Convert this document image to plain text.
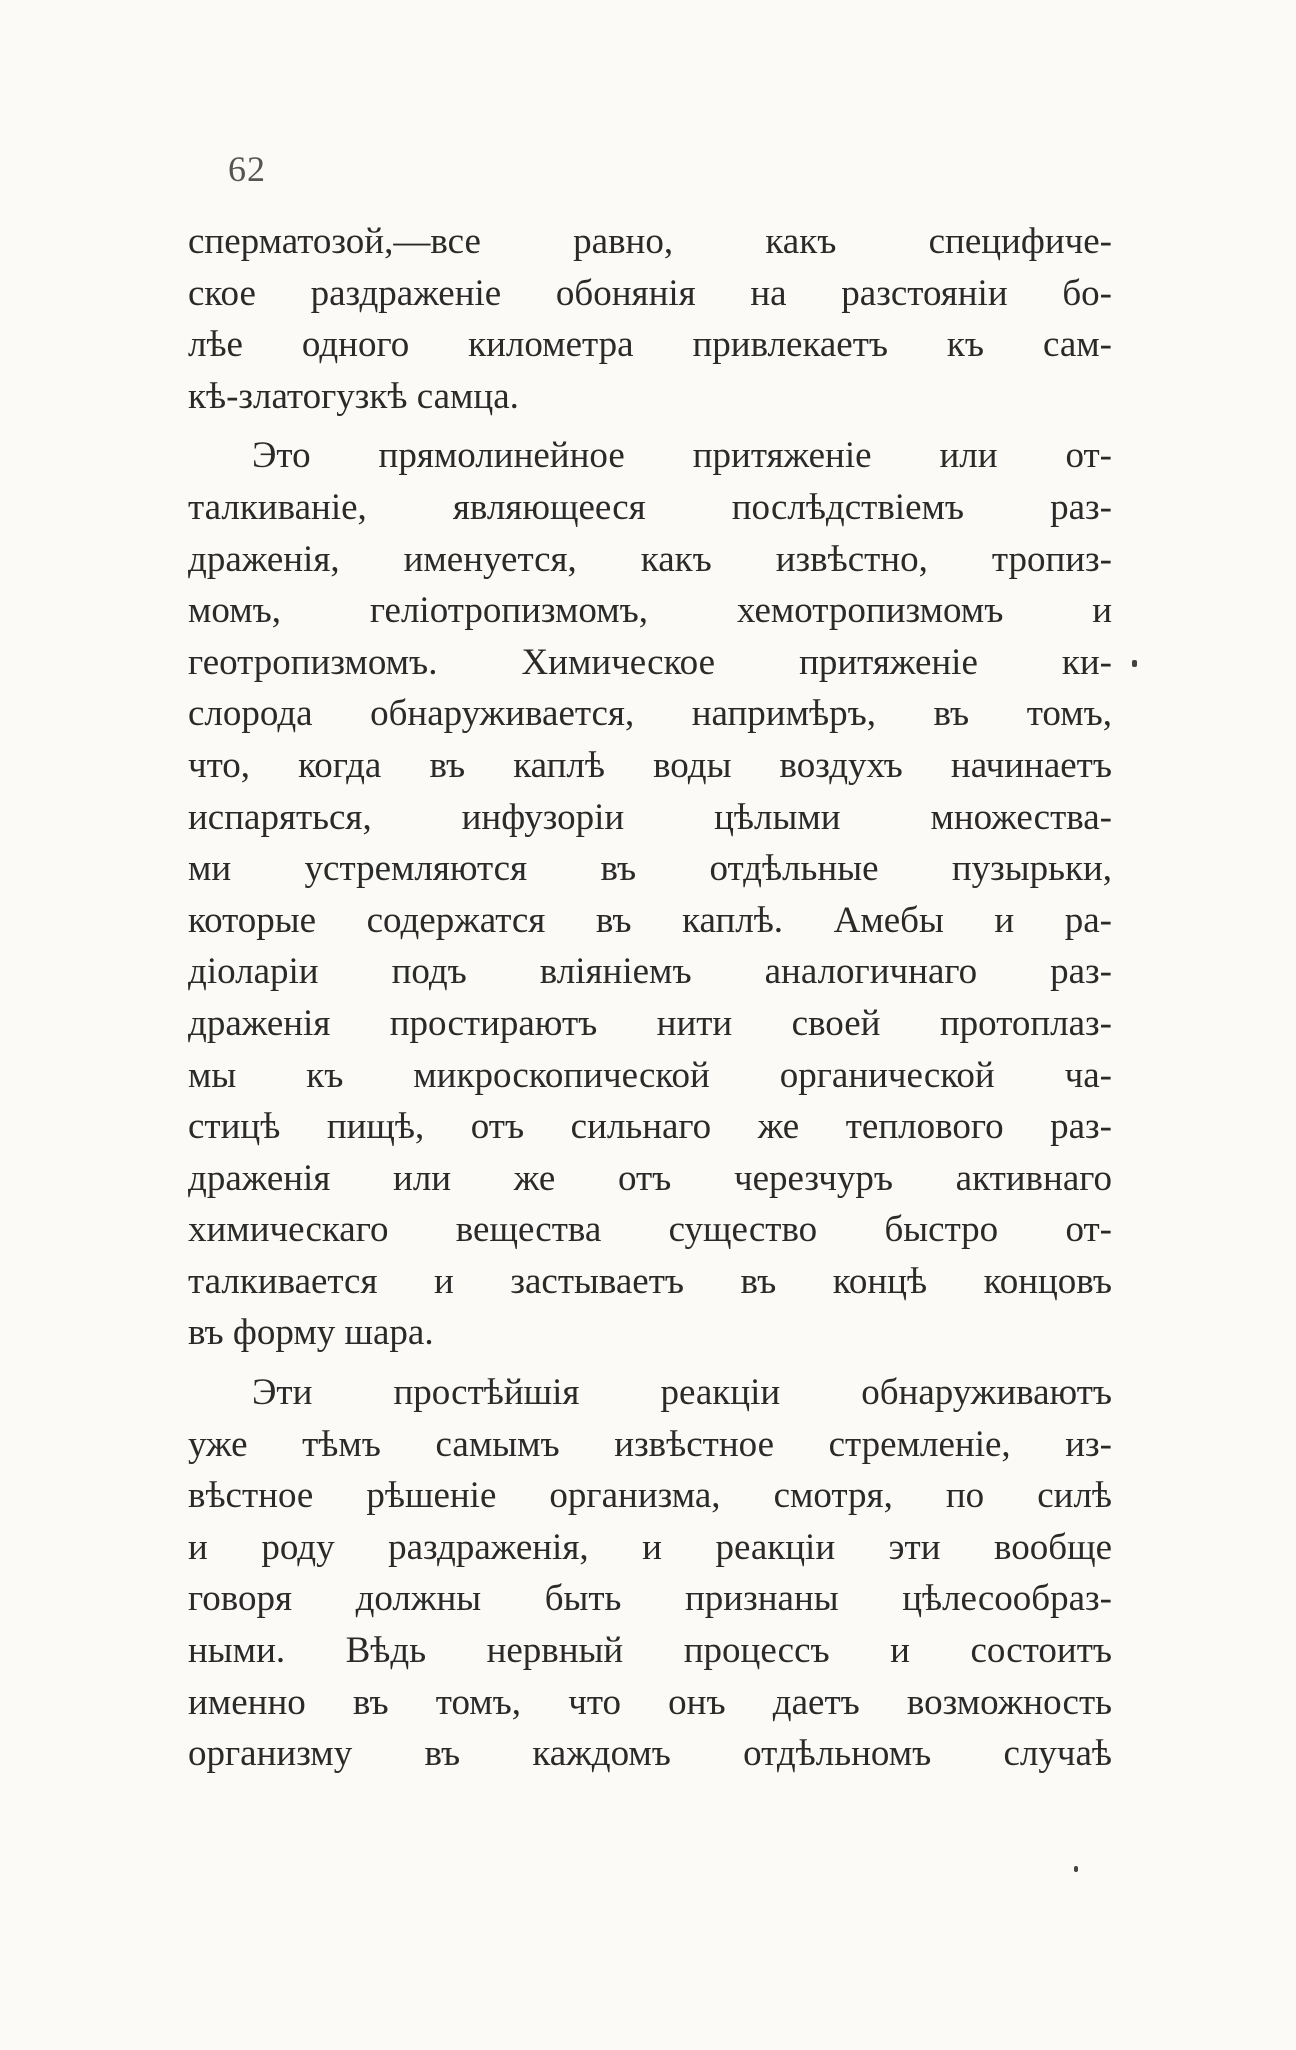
62
сперматозой,—все равно, какъ специфиче-
ское раздраженіе обонянія на разстояніи бо-
лѣе одного километра привлекаетъ къ сам-
кѣ-златогузкѣ самца.
Это прямолинейное притяженіе или от-
талкиваніе, являющееся послѣдствіемъ раз-
драженія, именуется, какъ извѣстно, тропиз-
момъ, геліотропизмомъ, хемотропизмомъ и
геотропизмомъ. Химическое притяженіе ки-
слорода обнаруживается, напримѣръ, въ томъ,
что, когда въ каплѣ воды воздухъ начинаетъ
испаряться, инфузоріи цѣлыми множества-
ми устремляются въ отдѣльные пузырьки,
которые содержатся въ каплѣ. Амебы и ра-
діоларіи подъ вліяніемъ аналогичнаго раз-
драженія простираютъ нити своей протоплаз-
мы къ микроскопической органической ча-
стицѣ пищѣ, отъ сильнаго же теплового раз-
драженія или же отъ черезчуръ активнаго
химическаго вещества существо быстро от-
талкивается и застываетъ въ концѣ концовъ
въ форму шара.
Эти простѣйшія реакціи обнаруживаютъ
уже тѣмъ самымъ извѣстное стремленіе, из-
вѣстное рѣшеніе организма, смотря, по силѣ
и роду раздраженія, и реакціи эти вообще
говоря должны быть признаны цѣлесообраз-
ными. Вѣдь нервный процессъ и состоитъ
именно въ томъ, что онъ даетъ возможность
организму въ каждомъ отдѣльномъ случаѣ
